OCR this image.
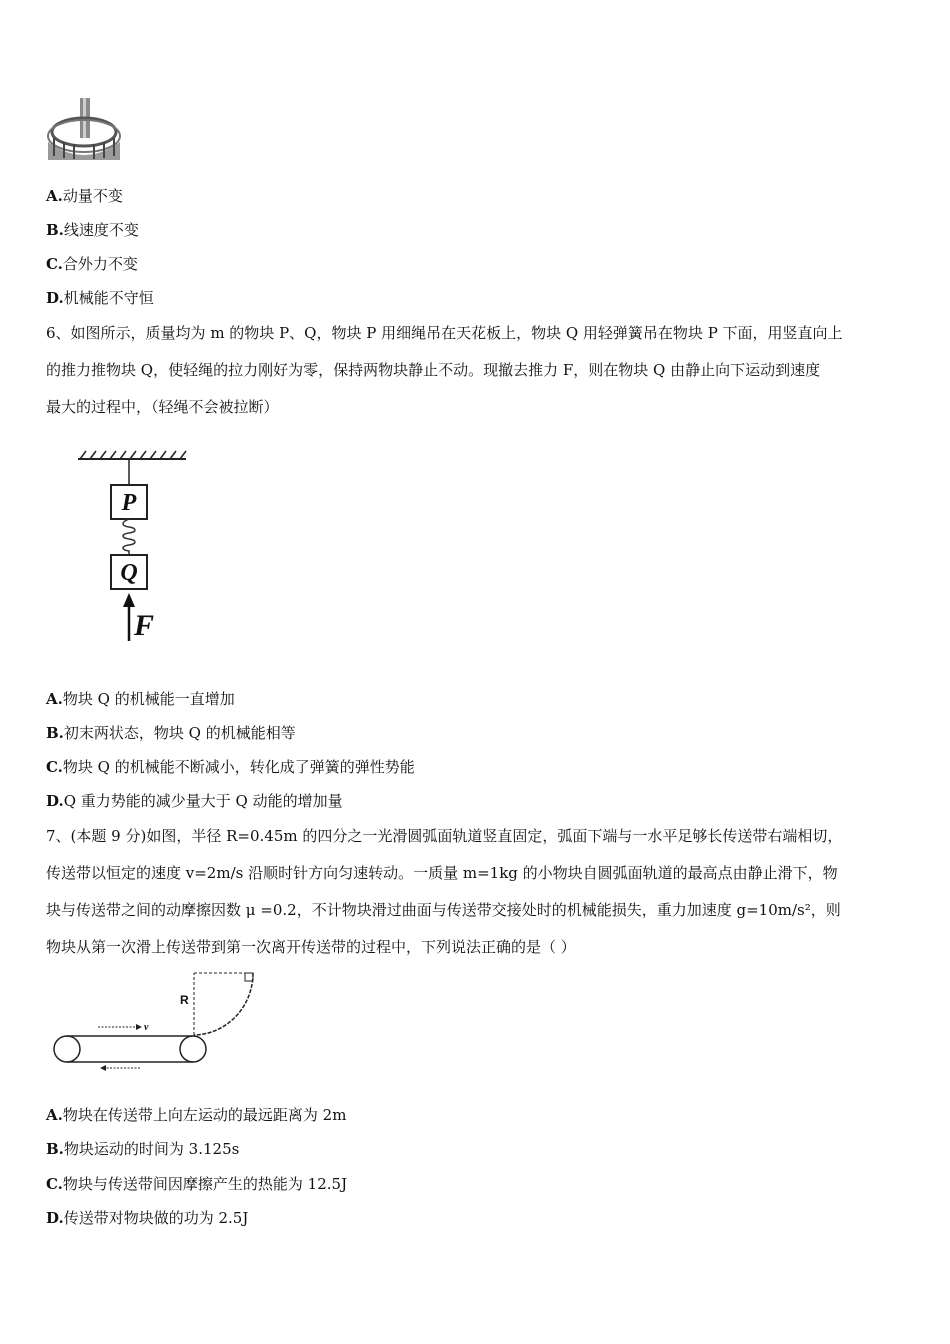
A.动量不变
B.线速度不变
C.合外力不变
D.机械能不守恒
6、如图所示，质量均为 m 的物块 P、Q，物块 P 用细绳吊在天花板上，物块 Q 用轻弹簧吊在物块 P 下面，用竖直向上
的推力推物块 Q，使轻绳的拉力刚好为零，保持两物块静止不动。现撤去推力 F，则在物块 Q 由静止向下运动到速度
最大的过程中，（轻绳不会被拉断）
P
Q
F
A.物块 Q 的机械能一直增加
B.初末两状态，物块 Q 的机械能相等
C.物块 Q 的机械能不断减小，转化成了弹簧的弹性势能
D.Q 重力势能的减少量大于 Q 动能的增加量
7、(本题 9 分)如图，半径 R=0.45m 的四分之一光滑圆弧面轨道竖直固定，弧面下端与一水平足够长传送带右端相切，
传送带以恒定的速度 v=2m/s 沿顺时针方向匀速转动。一质量 m=1kg 的小物块自圆弧面轨道的最高点由静止滑下，物
块与传送带之间的动摩擦因数 μ =0.2，不计物块滑过曲面与传送带交接处时的机械能损失，重力加速度 g=10m/s²，则
物块从第一次滑上传送带到第一次离开传送带的过程中，下列说法正确的是（ ）
v
R
A.物块在传送带上向左运动的最远距离为 2m
B.物块运动的时间为 3.125s
C.物块与传送带间因摩擦产生的热能为 12.5J
D.传送带对物块做的功为 2.5J
